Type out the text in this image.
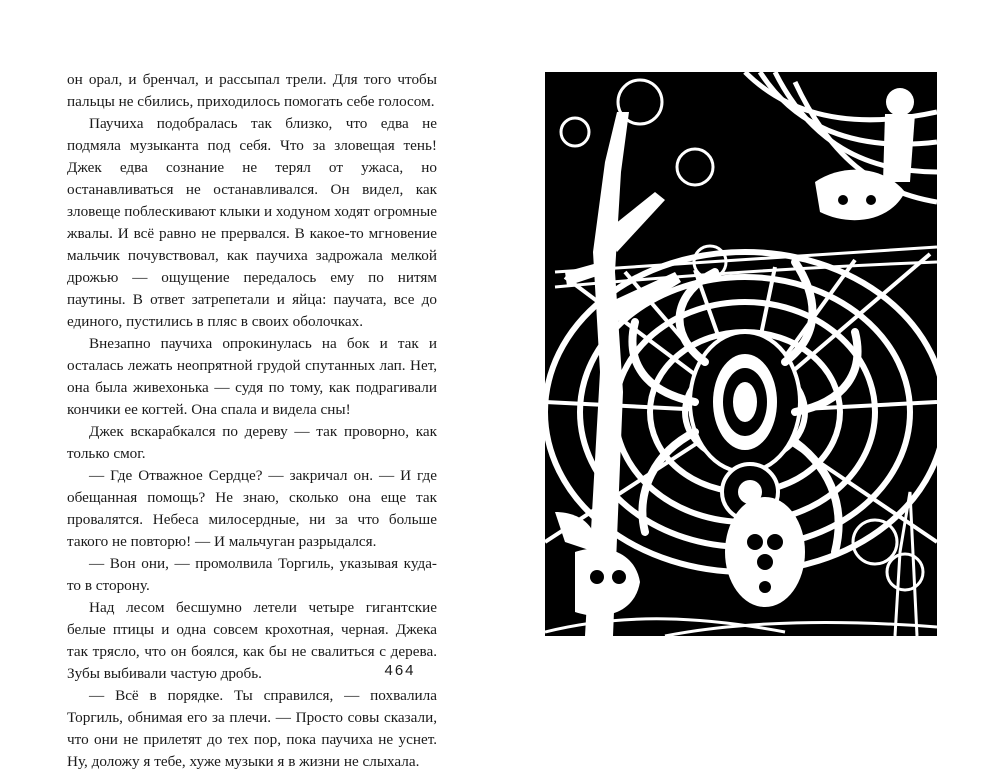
он орал, и бренчал, и рассыпал трели. Для того чтобы пальцы не сбились, приходилось помогать себе голосом.

Паучиха подобралась так близко, что едва не подмяла музыканта под себя. Что за зловещая тень! Джек едва сознание не терял от ужаса, но останавливаться не останавливался. Он видел, как зловеще поблескивают клыки и ходуном ходят огромные жвалы. И всё равно не прервался. В какое-то мгновение мальчик почувствовал, как паучиха задрожала мелкой дрожью — ощущение передалось ему по нитям паутины. В ответ затрепетали и яйца: паучата, все до единого, пустились в пляс в своих оболочках.

Внезапно паучиха опрокинулась на бок и так и осталась лежать неопрятной грудой спутанных лап. Нет, она была живехонька — судя по тому, как подрагивали кончики ее когтей. Она спала и видела сны!

Джек вскарабкался по дереву — так проворно, как только смог.

— Где Отважное Сердце? — закричал он. — И где обещанная помощь? Не знаю, сколько она еще так провалятся. Небеса милосердные, ни за что больше такого не повторю! — И мальчуган разрыдался.

— Вон они, — промолвила Торгиль, указывая куда-то в сторону.

Над лесом бесшумно летели четыре гигантские белые птицы и одна совсем крохотная, черная. Джека так трясло, что он боялся, как бы не свалиться с дерева. Зубы выбивали частую дробь.

— Всё в порядке. Ты справился, — похвалила Торгиль, обнимая его за плечи. — Просто совы сказали, что они не прилетят до тех пор, пока паучиха не уснет. Ну, доложу я тебе, хуже музыки я в жизни не слыхала.

464
